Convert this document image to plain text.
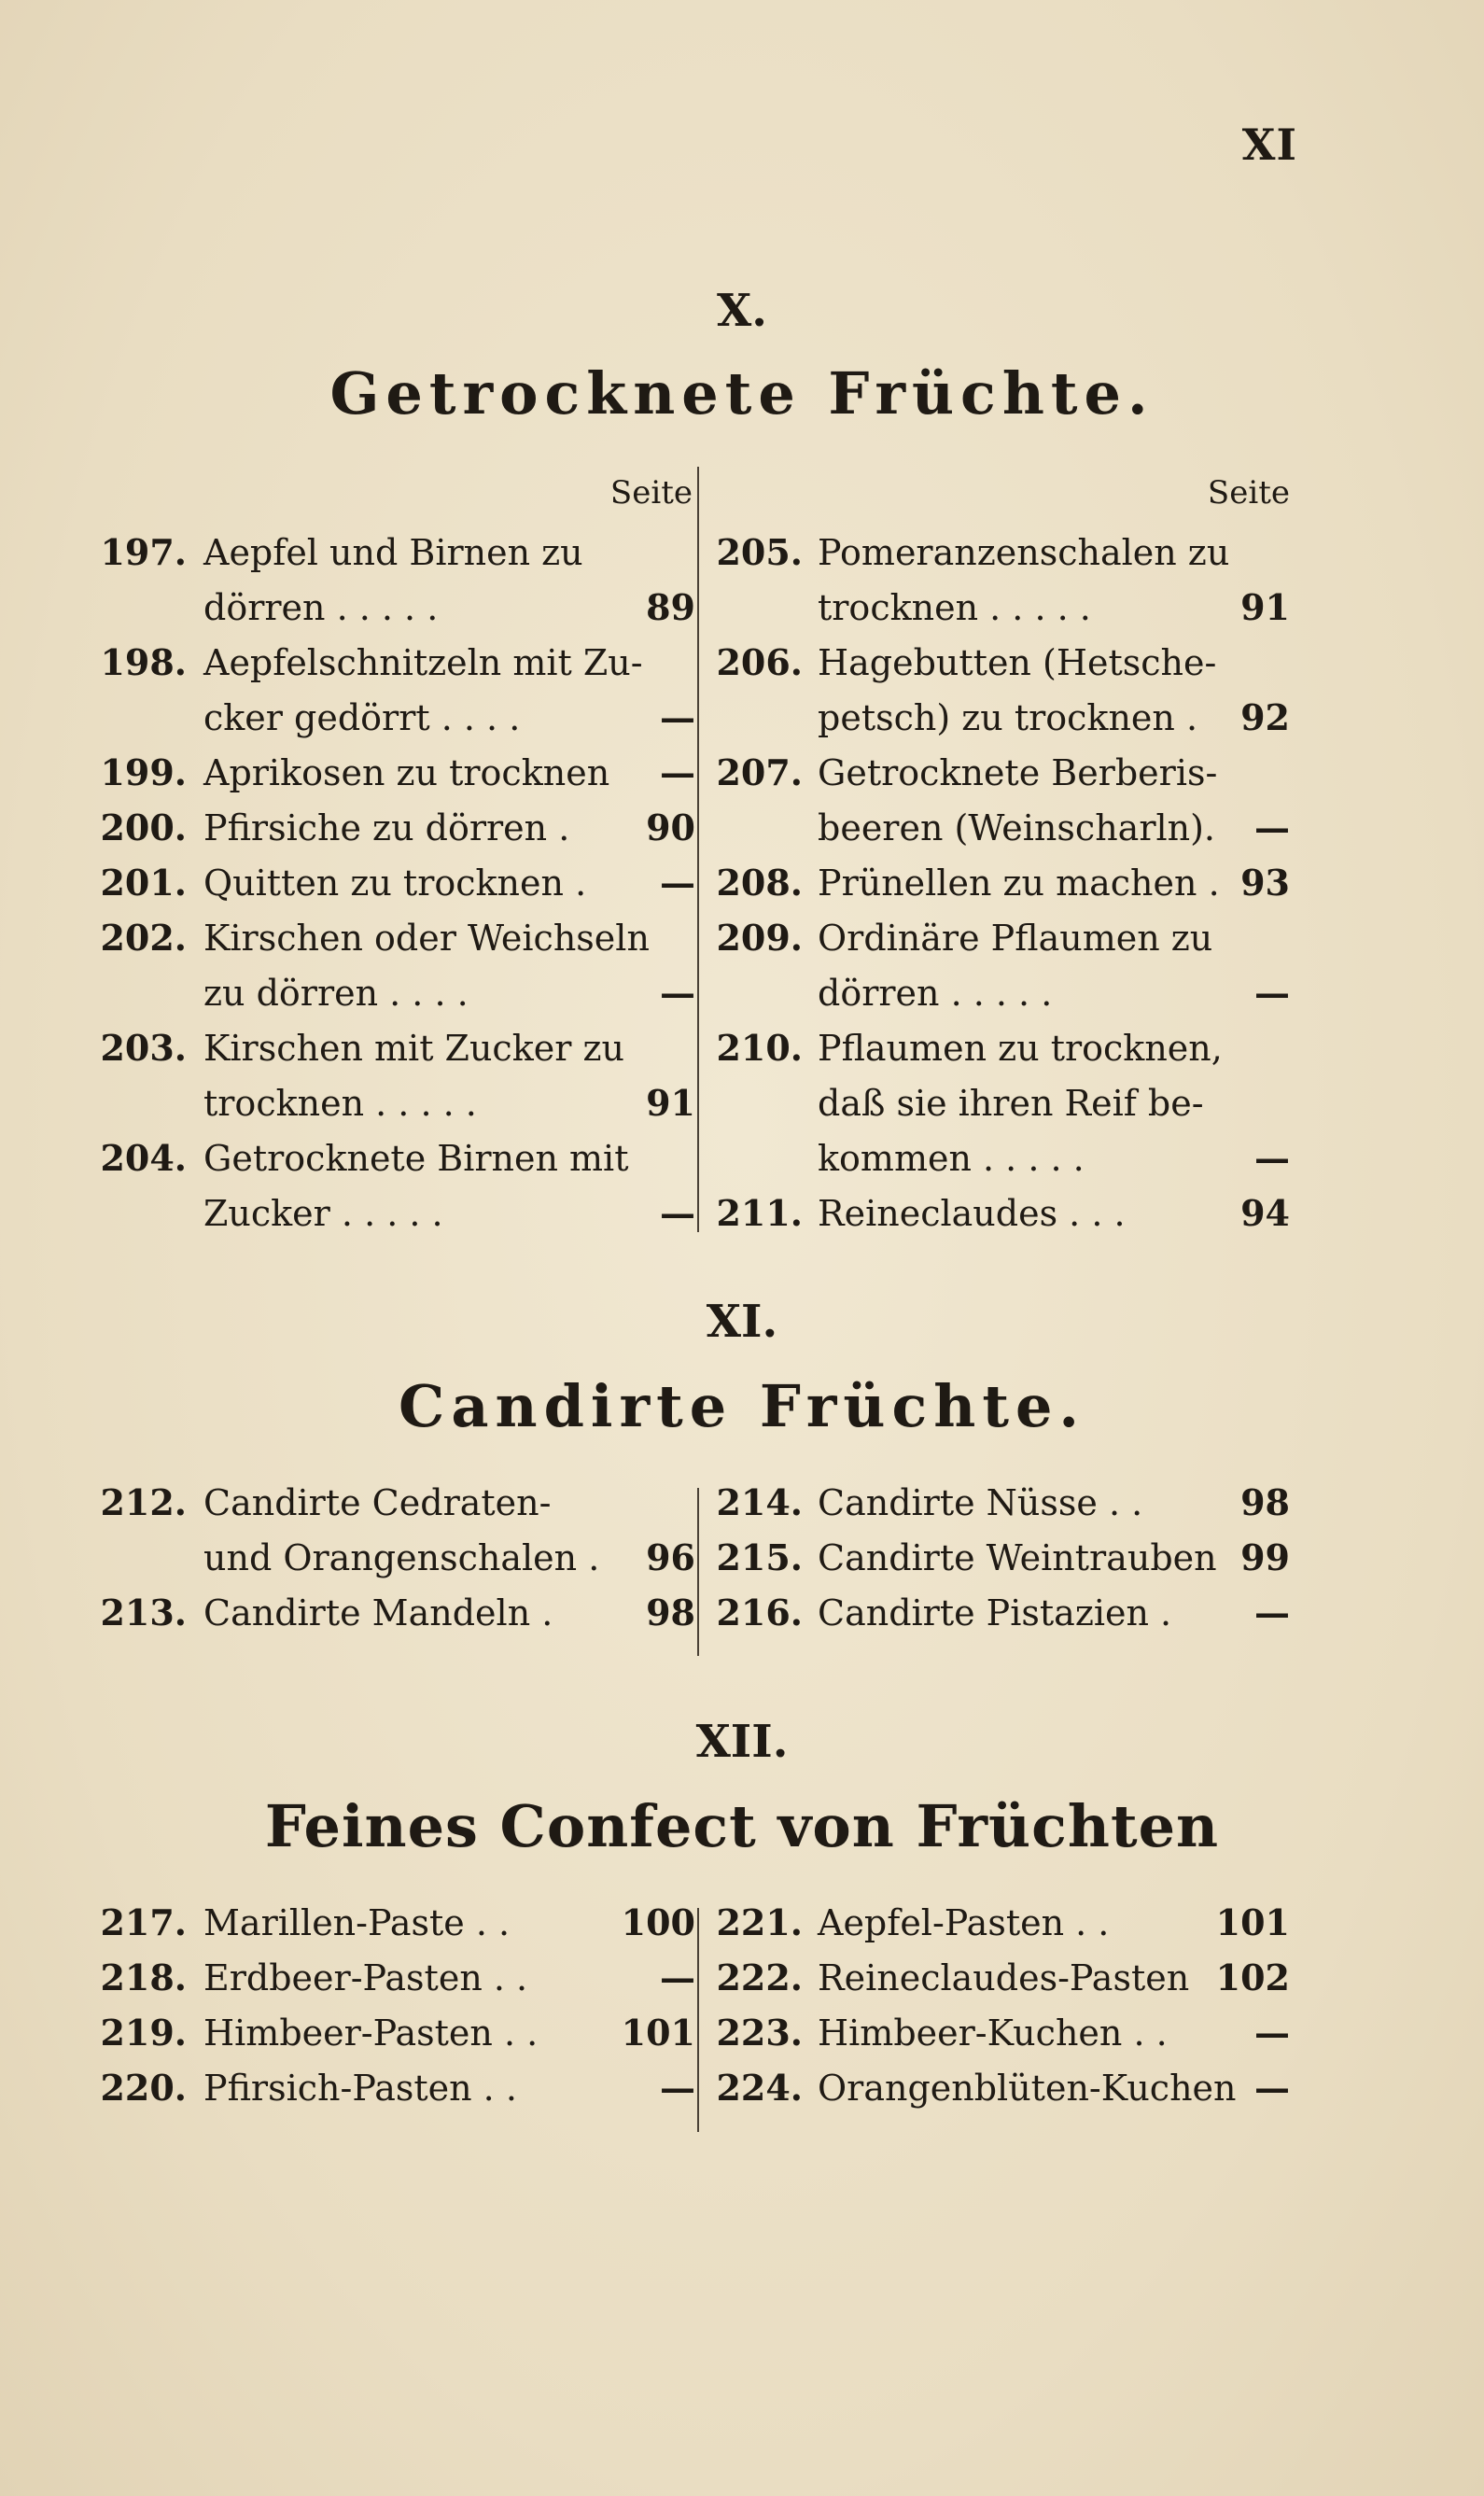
XI
X.
Getrocknete Früchte.
Seite	Seite
197. Aepfel und Birnen zu
dörren . . . . .	89
198. Aepfelschnitzeln mit Zu-
cker gedörrt . . . .	—
199. Aprikosen zu trocknen —
200. Pfirsiche zu dörren . 90
201. Quitten zu trocknen . —
202. Kirschen oder Weichseln
zu dörren . . . .	—
203. Kirschen mit Zucker zu
trocknen . . . . .	91
204. Getrocknete Birnen mit
Zucker . . . . .	—
205. Pomeranzenschalen zu
trocknen . . . . .	91
206. Hagebutten (Hetsche-
petsch) zu trocknen . 92
207. Getrocknete Berberis-
beeren (Weinscharln). —
208. Prünellen zu machen . 93
209. Ordinäre Pflaumen zu
dörren . . . . .	—
210. Pflaumen zu trocknen,
daß sie ihren Reif be-
kommen . . . . .	—
211. Reineclaudes . . .	94
XI.
Candirte Früchte.
212. Candirte Cedraten-
und Orangenschalen . 96
213. Candirte Mandeln .	98
214. Candirte Nüsse . .	98
215. Candirte Weintrauben 99
216. Candirte Pistazien . —
XII.
Feines Confect von Früchten
217. Marillen-Paste . .	100
218. Erdbeer-Pasten . .	—
219. Himbeer-Pasten . . 101
220. Pfirsich-Pasten . .	—
221. Aepfel-Pasten . .	101
222. Reineclaudes-Pasten 102
223. Himbeer-Kuchen . . —
224. Orangenblüten-Kuchen —
